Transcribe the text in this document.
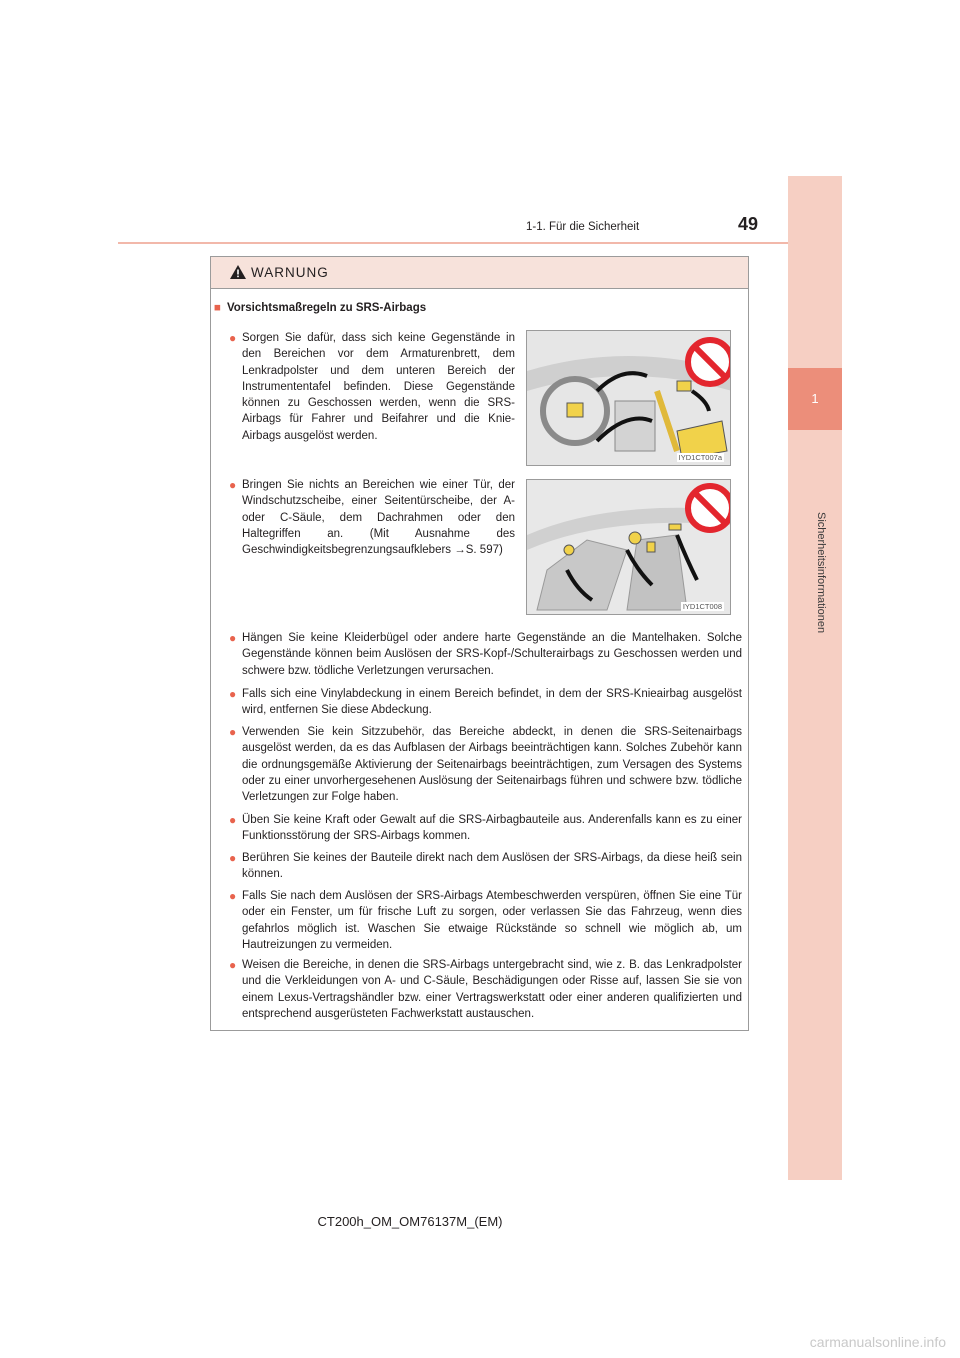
1-1. Für die Sicherheit	49
1
Sicherheitsinformationen
WARNUNG
■ Vorsichtsmaßregeln zu SRS-Airbags
● Sorgen Sie dafür, dass sich keine Gegenstände in den Bereichen vor dem Armaturenbrett, dem Lenkradpolster und dem unteren Bereich der Instrumententafel befinden. Diese Gegenstände können zu Geschossen werden, wenn die SRS-Airbags für Fahrer und Beifahrer und die Knie-Airbags ausgelöst werden.
IYD1CT007a
● Bringen Sie nichts an Bereichen wie einer Tür, der Windschutzscheibe, einer Seitentürscheibe, der A- oder C-Säule, dem Dachrahmen oder den Haltegriffen an. (Mit Ausnahme des Geschwindigkeitsbegrenzungsaufklebers →S. 597)
IYD1CT008
● Hängen Sie keine Kleiderbügel oder andere harte Gegenstände an die Mantelhaken. Solche Gegenstände können beim Auslösen der SRS-Kopf-/Schulterairbags zu Geschossen werden und schwere bzw. tödliche Verletzungen verursachen.
● Falls sich eine Vinylabdeckung in einem Bereich befindet, in dem der SRS-Knieairbag ausgelöst wird, entfernen Sie diese Abdeckung.
● Verwenden Sie kein Sitzzubehör, das Bereiche abdeckt, in denen die SRS-Seitenairbags ausgelöst werden, da es das Aufblasen der Airbags beeinträchtigen kann. Solches Zubehör kann die ordnungsgemäße Aktivierung der Seitenairbags beeinträchtigen, zum Versagen des Systems oder zu einer unvorhergesehenen Auslösung der Seitenairbags führen und schwere bzw. tödliche Verletzungen zur Folge haben.
● Üben Sie keine Kraft oder Gewalt auf die SRS-Airbagbauteile aus. Anderenfalls kann es zu einer Funktionsstörung der SRS-Airbags kommen.
● Berühren Sie keines der Bauteile direkt nach dem Auslösen der SRS-Airbags, da diese heiß sein können.
● Falls Sie nach dem Auslösen der SRS-Airbags Atembeschwerden verspüren, öffnen Sie eine Tür oder ein Fenster, um für frische Luft zu sorgen, oder verlassen Sie das Fahrzeug, wenn dies gefahrlos möglich ist. Waschen Sie etwaige Rückstände so schnell wie möglich ab, um Hautreizungen zu vermeiden.
● Weisen die Bereiche, in denen die SRS-Airbags untergebracht sind, wie z. B. das Lenkradpolster und die Verkleidungen von A- und C-Säule, Beschädigungen oder Risse auf, lassen Sie sie von einem Lexus-Vertragshändler bzw. einer Vertragswerkstatt oder einer anderen qualifizierten und entsprechend ausgerüsteten Fachwerkstatt austauschen.
CT200h_OM_OM76137M_(EM)
carmanualsonline.info
